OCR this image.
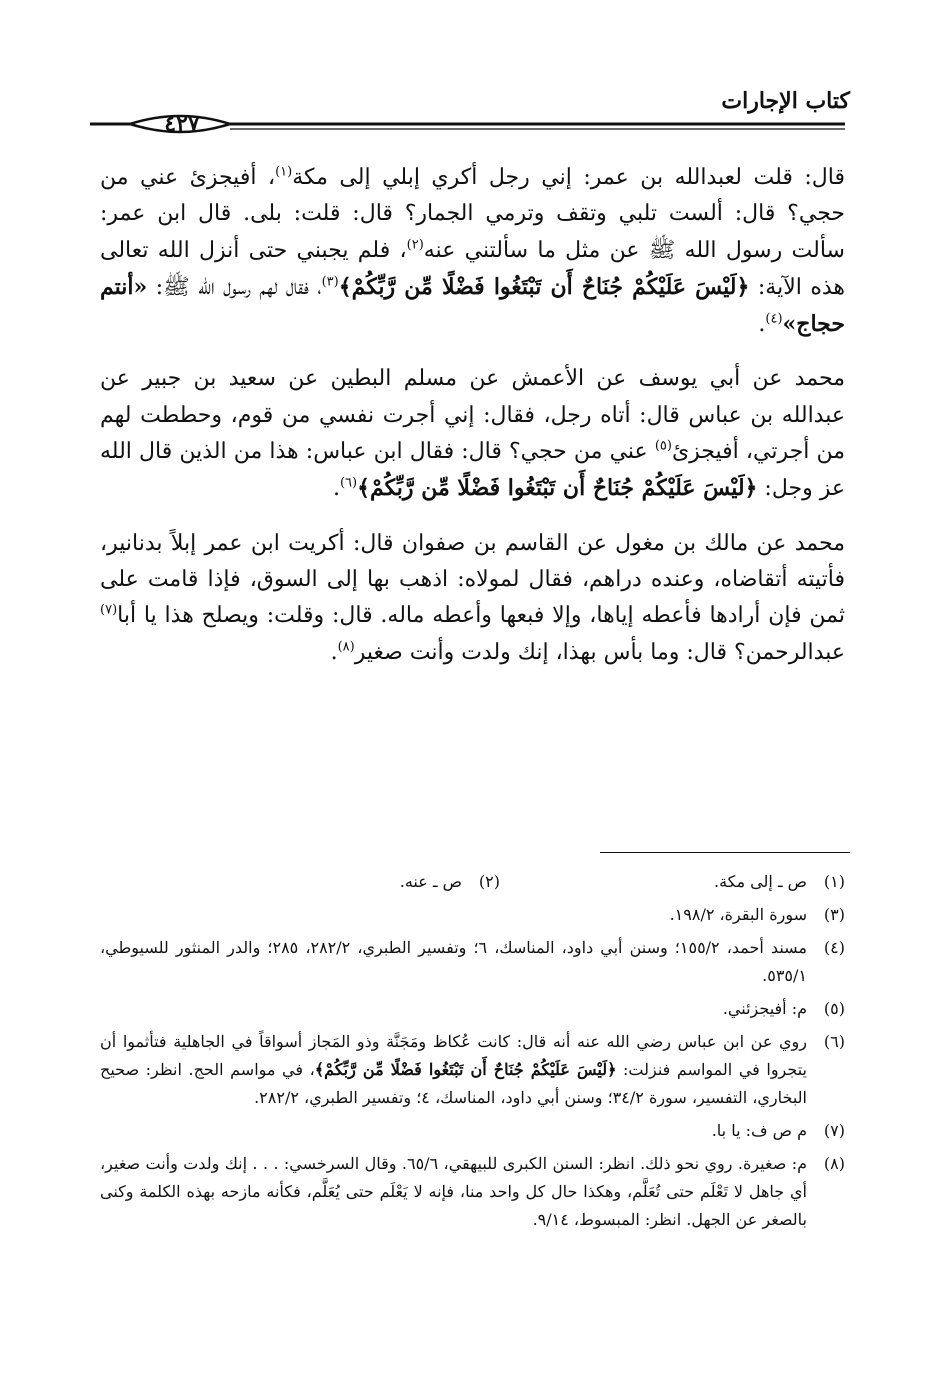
كتاب الإجارات
٤٢٧

قال: قلت لعبدالله بن عمر: إني رجل أكري إبلي إلى مكة$^{(١)}$، أفيجزئ عني من حجي؟ قال: ألست تلبي وتقف وترمي الجمار؟ قال: قلت: بلى. قال ابن عمر: سألت رسول الله ﷺ عن مثل ما سألتني عنه$^{(٢)}$، فلم يجبني حتى أنزل الله تعالى هذه الآية: ﴿لَيْسَ عَلَيْكُمْ جُنَاحٌ أَن تَبْتَغُوا فَضْلًا مِّن رَّبِّكُمْ﴾$^{(٣)}$، فقال لهم رسول الله ﷺ: «أنتم حجاج»$^{(٤)}$.

محمد عن أبي يوسف عن الأعمش عن مسلم البطين عن سعيد بن جبير عن عبدالله بن عباس قال: أتاه رجل، فقال: إني أجرت نفسي من قوم، وحططت لهم من أجرتي، أفيجزئ$^{(٥)}$ عني من حجي؟ قال: فقال ابن عباس: هذا من الذين قال الله عز وجل: ﴿لَيْسَ عَلَيْكُمْ جُنَاحٌ أَن تَبْتَغُوا فَضْلًا مِّن رَّبِّكُمْ﴾$^{(٦)}$.

محمد عن مالك بن مغول عن القاسم بن صفوان قال: أكريت ابن عمر إبلاً بدنانير، فأتيته أتقاضاه، وعنده دراهم، فقال لمولاه: اذهب بها إلى السوق، فإذا قامت على ثمن فإن أرادها فأعطه إياها، وإلا فبعها وأعطه ماله. قال: وقلت: ويصلح هذا يا أبا$^{(٧)}$ عبدالرحمن؟ قال: وما بأس بهذا، إنك ولدت وأنت صغير$^{(٨)}$.

(١)
ص ـ إلى مكة.
(٢)
ص ـ عنه.
(٣)
سورة البقرة، ١٩٨/٢.
(٤)
مسند أحمد، ١٥٥/٢؛ وسنن أبي داود، المناسك، ٦؛ وتفسير الطبري، ٢٨٢/٢، ٢٨٥؛ والدر المنثور للسيوطي، ٥٣٥/١.
(٥)
م: أفيجزئني.
(٦)
روي عن ابن عباس رضي الله عنه أنه قال: كانت عُكاظ ومَجَنَّة وذو المَجاز أسواقاً في الجاهلية فتأثموا أن يتجروا في المواسم فنزلت: ﴿لَيْسَ عَلَيْكُمْ جُنَاحٌ أَن تَبْتَغُوا فَضْلًا مِّن رَّبِّكُمْ﴾، في مواسم الحج. انظر: صحيح البخاري، التفسير، سورة ٣٤/٢؛ وسنن أبي داود، المناسك، ٤؛ وتفسير الطبري، ٢٨٢/٢.
(٧)
م ص ف: يا با.
(٨)
م: صغيرة. روي نحو ذلك. انظر: السنن الكبرى للبيهقي، ٦٥/٦. وقال السرخسي: . . . إنك ولدت وأنت صغير، أي جاهل لا تَعْلَم حتى تُعَلَّم، وهكذا حال كل واحد منا، فإنه لا يَعْلَم حتى يُعَلَّم، فكأنه مازحه بهذه الكلمة وكنى بالصغر عن الجهل. انظر: المبسوط، ٩/١٤.
